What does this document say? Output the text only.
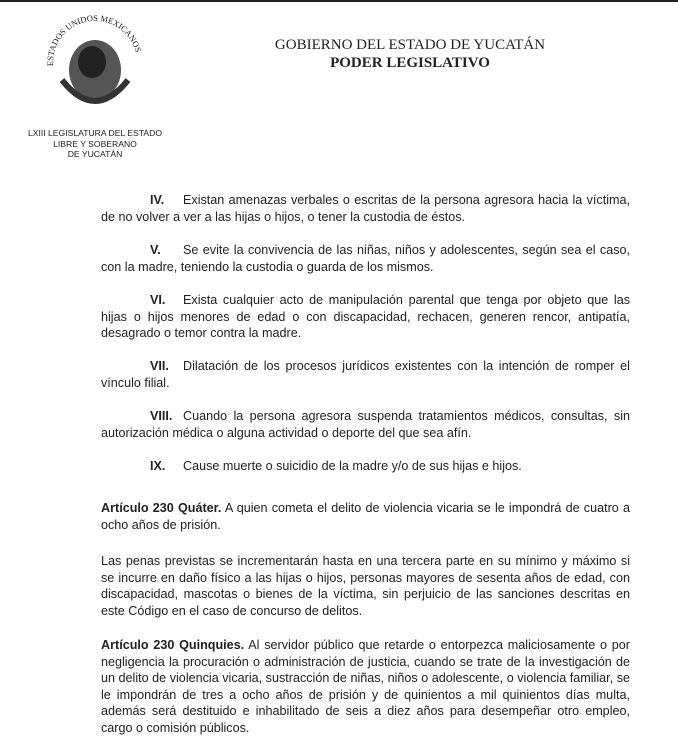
ESTADOS UNIDOS MEXICANOS
LXIII LEGISLATURA DEL ESTADO
LIBRE Y SOBERANO
DE YUCATÁN
GOBIERNO DEL ESTADO DE YUCATÁN
PODER LEGISLATIVO
IV. Existan amenazas verbales o escritas de la persona agresora hacia la víctima, de no volver a ver a las hijas o hijos, o tener la custodia de éstos.
V. Se evite la convivencia de las niñas, niños y adolescentes, según sea el caso, con la madre, teniendo la custodia o guarda de los mismos.
VI. Exista cualquier acto de manipulación parental que tenga por objeto que las hijas o hijos menores de edad o con discapacidad, rechacen, generen rencor, antipatía, desagrado o temor contra la madre.
VII. Dilatación de los procesos jurídicos existentes con la intención de romper el vínculo filial.
VIII. Cuando la persona agresora suspenda tratamientos médicos, consultas, sin autorización médica o alguna actividad o deporte del que sea afín.
IX. Cause muerte o suicidio de la madre y/o de sus hijas e hijos.
Artículo 230 Quáter. A quien cometa el delito de violencia vicaria se le impondrá de cuatro a ocho años de prisión.
Las penas previstas se incrementarán hasta en una tercera parte en su mínimo y máximo si se incurre en daño físico a las hijas o hijos, personas mayores de sesenta años de edad, con discapacidad, mascotas o bienes de la víctima, sin perjuicio de las sanciones descritas en este Código en el caso de concurso de delitos.
Artículo 230 Quinquies. Al servidor público que retarde o entorpezca maliciosamente o por negligencia la procuración o administración de justicia, cuando se trate de la investigación de un delito de violencia vicaria, sustracción de niñas, niños o adolescente, o violencia familiar, se le impondrán de tres a ocho años de prisión y de quinientos a mil quinientos días multa, además será destituido e inhabilitado de seis a diez años para desempeñar otro empleo, cargo o comisión públicos.
